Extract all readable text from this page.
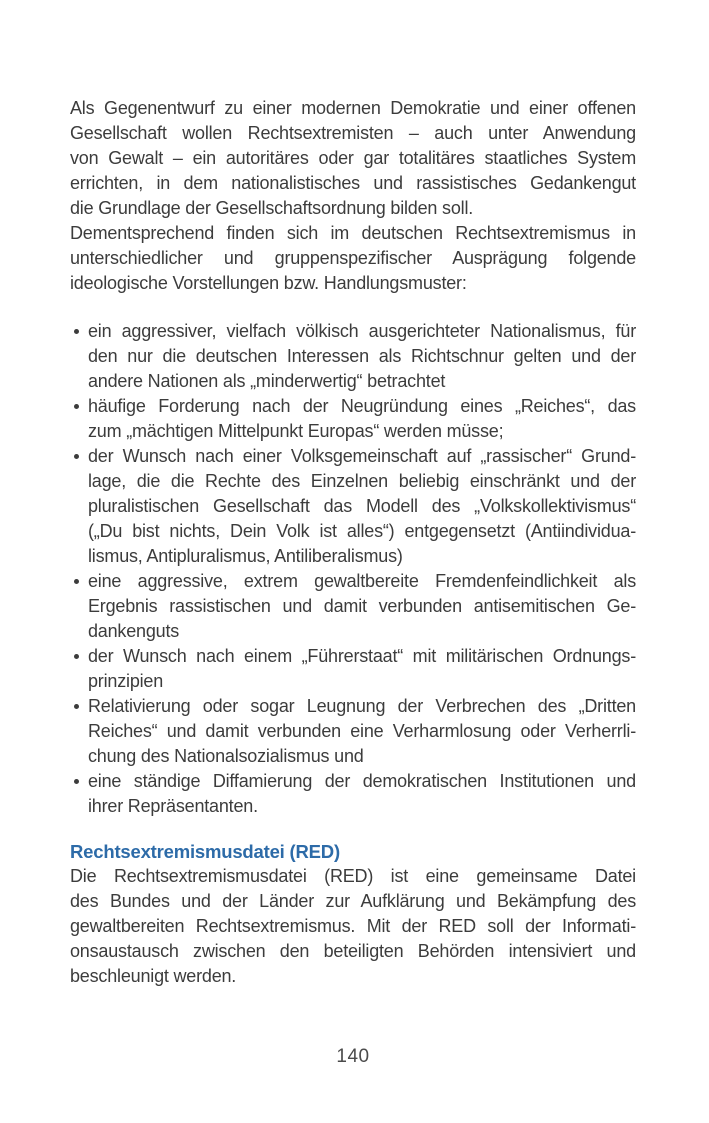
Als Gegenentwurf zu einer modernen Demokratie und einer offenen
Gesellschaft wollen Rechtsextremisten – auch unter Anwendung
von Gewalt – ein autoritäres oder gar totalitäres staatliches System
errichten, in dem nationalistisches und rassistisches Gedankengut
die Grundlage der Gesellschaftsordnung bilden soll.
Dementsprechend finden sich im deutschen Rechtsextremismus in
unterschiedlicher und gruppenspezifischer Ausprägung folgende
ideologische Vorstellungen bzw. Handlungsmuster:
ein aggressiver, vielfach völkisch ausgerichteter Nationalismus, für
den nur die deutschen Interessen als Richtschnur gelten und der
andere Nationen als „minderwertig“ betrachtet
häufige Forderung nach der Neugründung eines „Reiches“, das
zum „mächtigen Mittelpunkt Europas“ werden müsse;
der Wunsch nach einer Volksgemeinschaft auf „rassischer“ Grund-
lage, die die Rechte des Einzelnen beliebig einschränkt und der
pluralistischen Gesellschaft das Modell des „Volkskollektivismus“
(„Du bist nichts, Dein Volk ist alles“) entgegensetzt (Antiindividua-
lismus, Antipluralismus, Antiliberalismus)
eine aggressive, extrem gewaltbereite Fremdenfeindlichkeit als
Ergebnis rassistischen und damit verbunden antisemitischen Ge-
dankenguts
der Wunsch nach einem „Führerstaat“ mit militärischen Ordnungs-
prinzipien
Relativierung oder sogar Leugnung der Verbrechen des „Dritten
Reiches“ und damit verbunden eine Verharmlosung oder Verherrli-
chung des Nationalsozialismus und
eine ständige Diffamierung der demokratischen Institutionen und
ihrer Repräsentanten.
Rechtsextremismusdatei (RED)
Die Rechtsextremismusdatei (RED) ist eine gemeinsame Datei
des Bundes und der Länder zur Aufklärung und Bekämpfung des
gewaltbereiten Rechtsextremismus. Mit der RED soll der Informati-
onsaustausch zwischen den beteiligten Behörden intensiviert und
beschleunigt werden.
140
